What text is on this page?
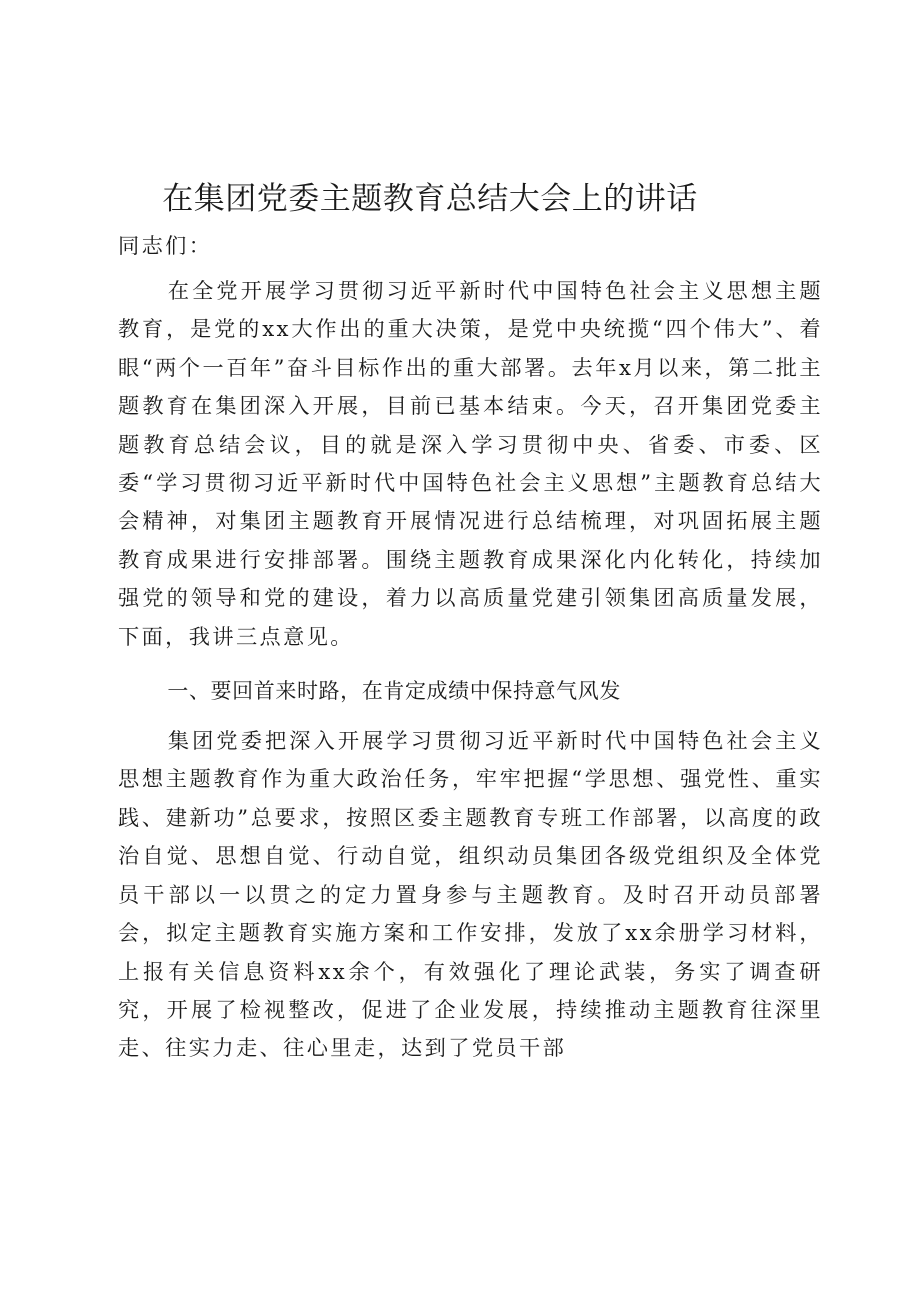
在集团党委主题教育总结大会上的讲话

同志们：

在全党开展学习贯彻习近平新时代中国特色社会主义思想主题教育，是党的xx大作出的重大决策，是党中央统揽“四个伟大”、着眼“两个一百年”奋斗目标作出的重大部署。去年x月以来，第二批主题教育在集团深入开展，目前已基本结束。今天，召开集团党委主题教育总结会议，目的就是深入学习贯彻中央、省委、市委、区委“学习贯彻习近平新时代中国特色社会主义思想”主题教育总结大会精神，对集团主题教育开展情况进行总结梳理，对巩固拓展主题教育成果进行安排部署。围绕主题教育成果深化内化转化，持续加强党的领导和党的建设，着力以高质量党建引领集团高质量发展，下面，我讲三点意见。

一、要回首来时路，在肯定成绩中保持意气风发

集团党委把深入开展学习贯彻习近平新时代中国特色社会主义思想主题教育作为重大政治任务，牢牢把握“学思想、强党性、重实践、建新功”总要求，按照区委主题教育专班工作部署，以高度的政治自觉、思想自觉、行动自觉，组织动员集团各级党组织及全体党员干部以一以贯之的定力置身参与主题教育。及时召开动员部署会，拟定主题教育实施方案和工作安排，发放了xx余册学习材料，上报有关信息资料xx余个，有效强化了理论武装，务实了调查研究，开展了检视整改，促进了企业发展，持续推动主题教育往深里走、往实力走、往心里走，达到了党员干部
